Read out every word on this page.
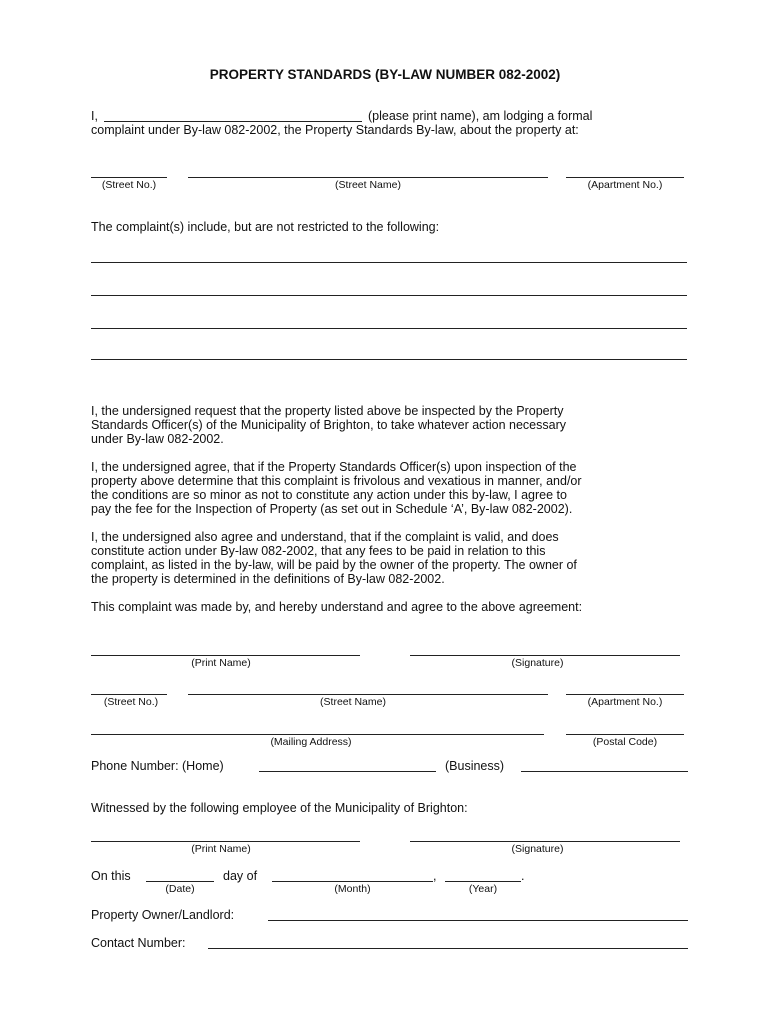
PROPERTY STANDARDS (BY-LAW NUMBER 082-2002)
I,	(please print name), am lodging a formal
complaint under By-law 082-2002, the Property Standards By-law, about the property at:
(Street No.)	(Street Name)	(Apartment No.)
The complaint(s) include, but are not restricted to the following:
I, the undersigned request that the property listed above be inspected by the Property
Standards Officer(s) of the Municipality of Brighton, to take whatever action necessary
under By-law 082-2002.
I, the undersigned agree, that if the Property Standards Officer(s) upon inspection of the
property above determine that this complaint is frivolous and vexatious in manner, and/or
the conditions are so minor as not to constitute any action under this by-law, I agree to
pay the fee for the Inspection of Property (as set out in Schedule ‘A’, By-law 082-2002).
I, the undersigned also agree and understand, that if the complaint is valid, and does
constitute action under By-law 082-2002, that any fees to be paid in relation to this
complaint, as listed in the by-law, will be paid by the owner of the property. The owner of
the property is determined in the definitions of By-law 082-2002.
This complaint was made by, and hereby understand and agree to the above agreement:
(Print Name)	(Signature)
(Street No.)	(Street Name)	(Apartment No.)
(Mailing Address)	(Postal Code)
Phone Number: (Home)	(Business)
Witnessed by the following employee of the Municipality of Brighton:
(Print Name)	(Signature)
On this	day of	,	.
(Date)	(Month)	(Year)
Property Owner/Landlord:
Contact Number:
